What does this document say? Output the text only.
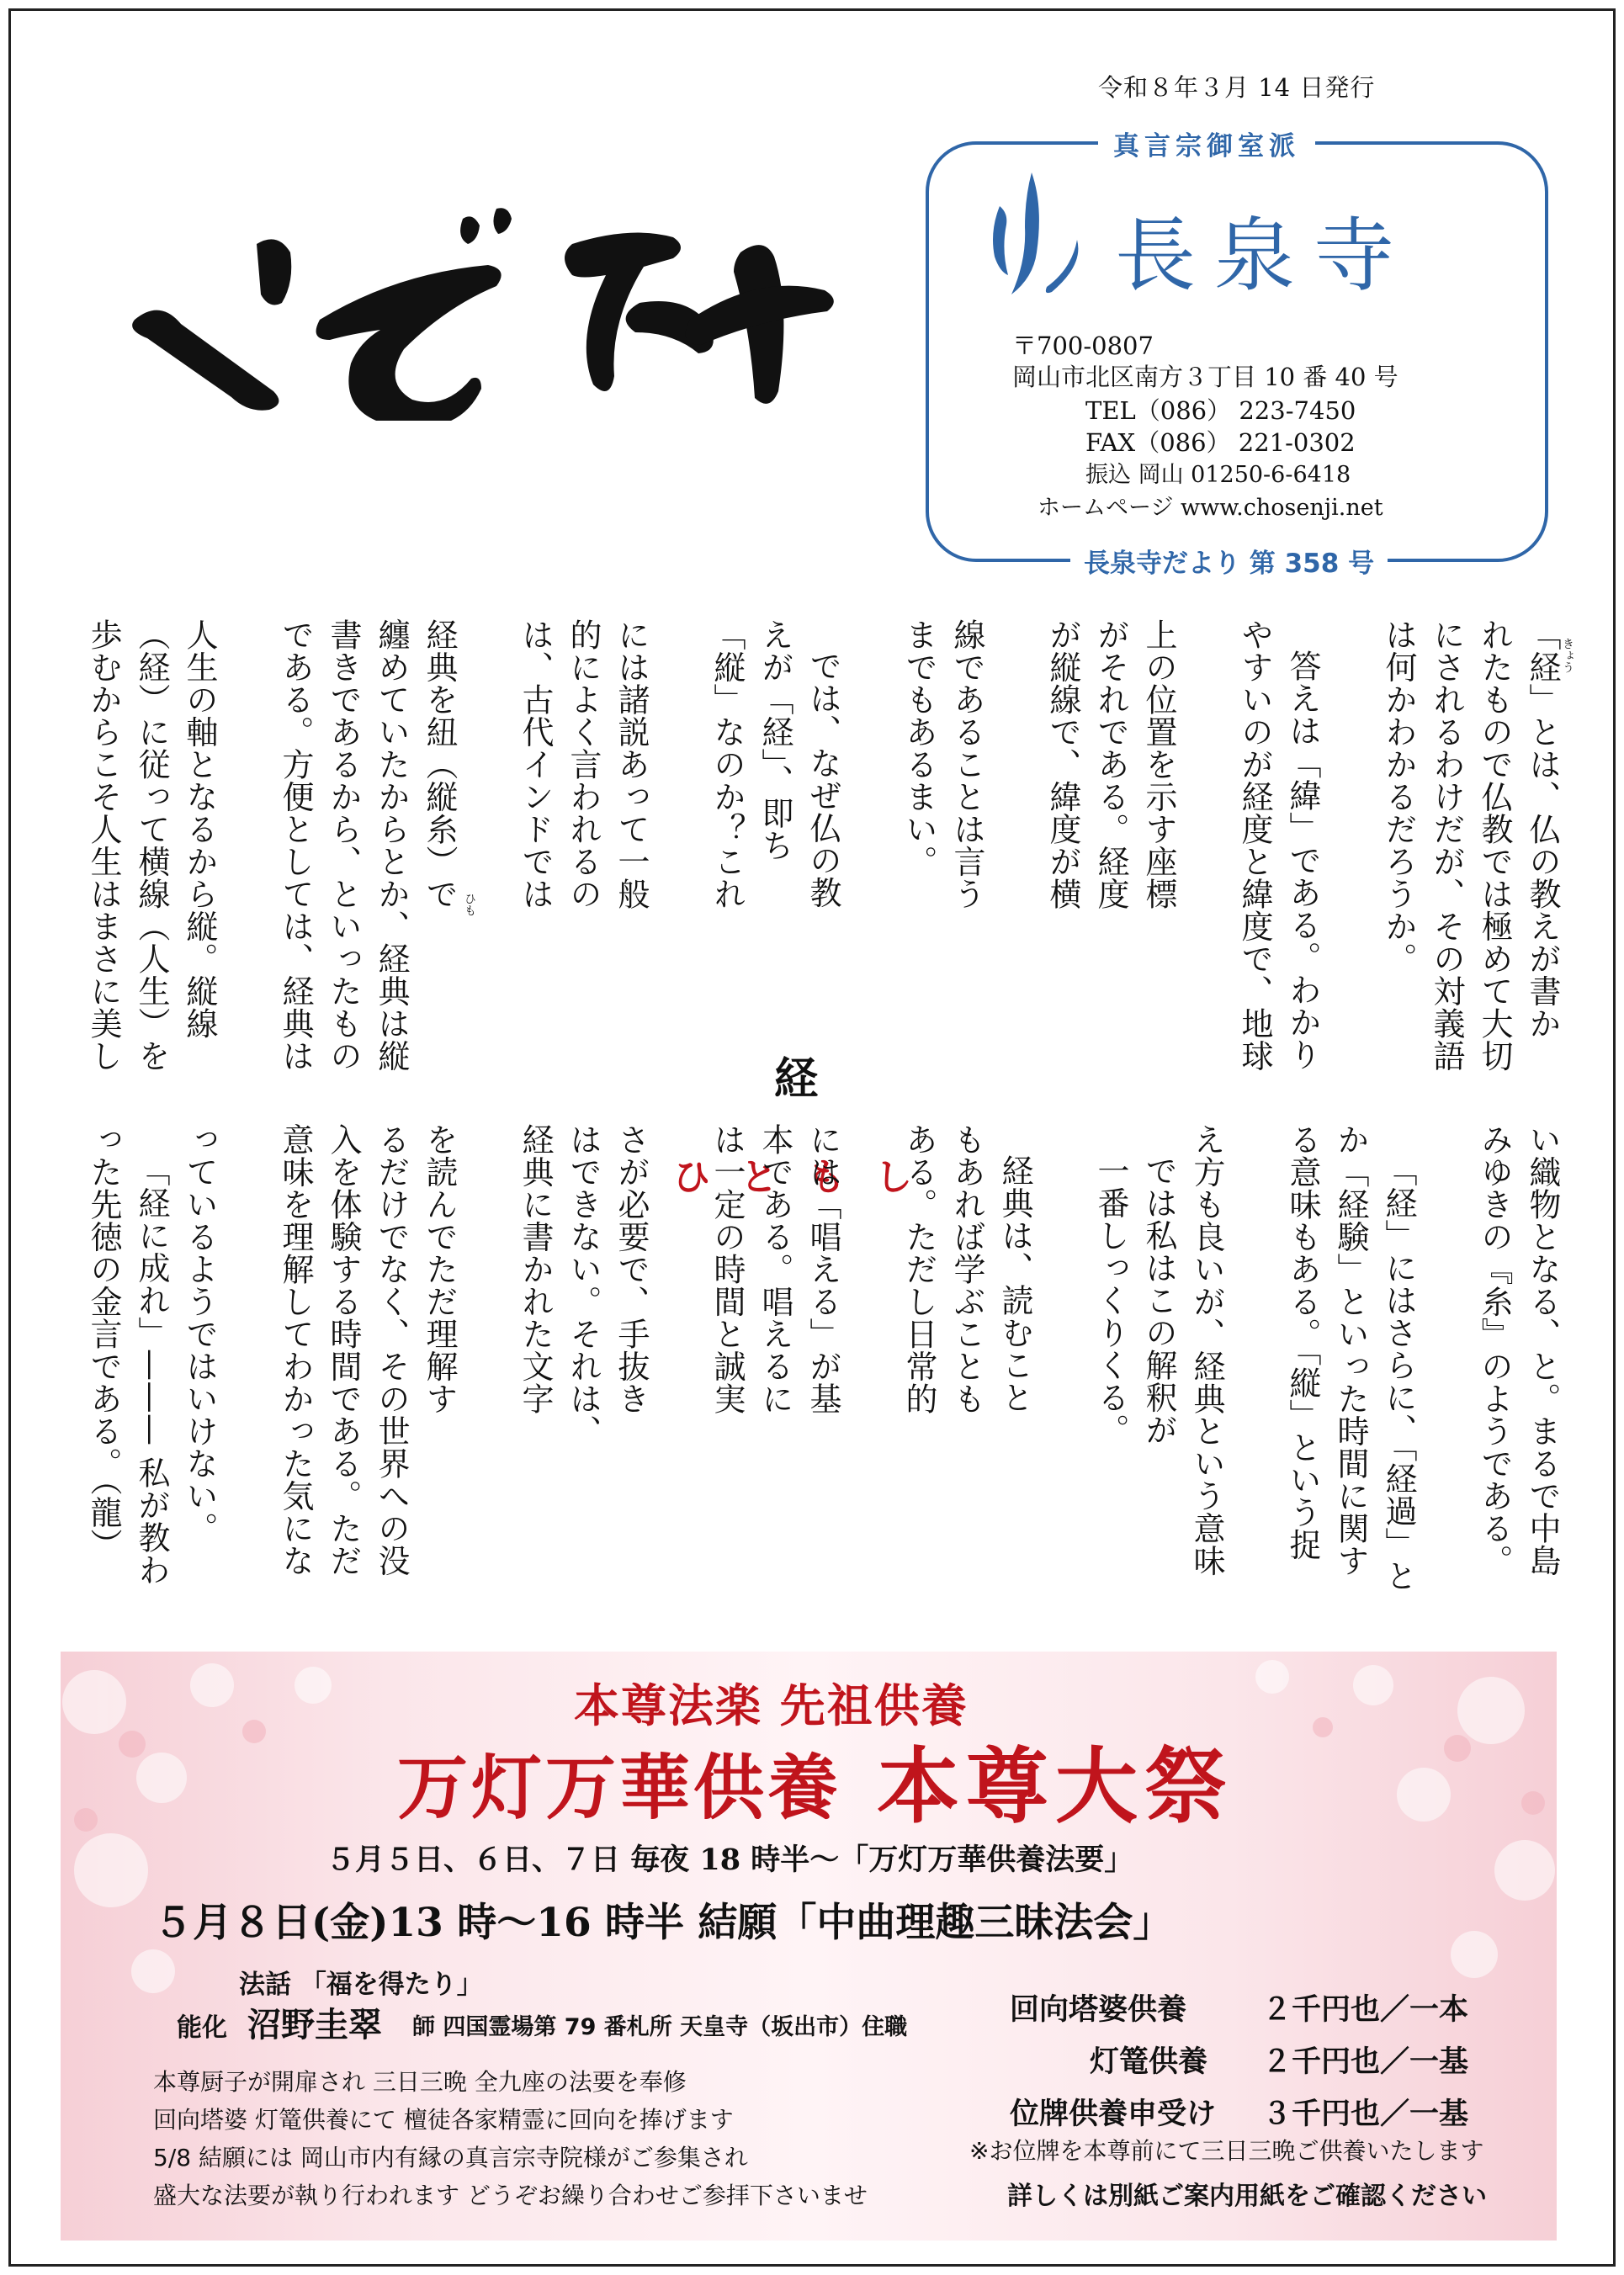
令和８年３月 14 日発行
真言宗御室派
長泉寺
〒700‑0807
岡山市北区南方３丁目 10 番 40 号
TEL（086） 223‑7450
FAX（086） 221‑0302
振込 岡山 01250‑6‑6418
ホームページ www.chosenji.net
長泉寺だより 第 358 号
「経」とは、仏の教えが書か
れたもので仏教では極めて大切
にされるわけだが、その対義語
は何かわかるだろうか。
答えは「緯」である。わかり
やすいのが経度と緯度で、地球
上の位置を示す座標
がそれである。経度
が縦線で、緯度が横
線であることは言う
までもあるまい。
では、なぜ仏の教
えが「経」、即ち
「縦」なのか？これ
には諸説あって一般
的によく言われるの
は、古代インドでは
経典を紐（縦糸）で
纏めていたからとか、経典は縦
書きであるから、といったもの
である。方便としては、経典は
人生の軸となるから縦。縦線
（経）に従って横線（人生）を
歩むからこそ人生はまさに美し	きょう
ひも
経
ひともし	い織物となる、と。まるで中島
みゆきの『糸』のようである。
「経」にはさらに、「経過」と
か「経験」といった時間に関す
る意味もある。「縦」という捉
え方も良いが、経典という意味
では私はこの解釈が
一番しっくりくる。
経典は、読むこと
もあれば学ぶことも
ある。ただし日常的
には「唱える」が基
本である。唱えるに
は一定の時間と誠実
さが必要で、手抜き
はできない。それは、
経典に書かれた文字
を読んでただ理解す
るだけでなく、その世界への没
入を体験する時間である。ただ
意味を理解してわかった気にな
っているようではいけない。
「経に成れ」——— 私が教わ
った先徳の金言である。（龍）
本尊法楽 先祖供養
万灯万華供養 本尊大祭
５月５日、６日、７日 毎夜 18 時半～「万灯万華供養法要」
５月８日(金)13 時～16 時半 結願「中曲理趣三昧法会」
法話 「福を得たり」
能化 沼野圭翠 師 四国霊場第 79 番札所 天皇寺（坂出市）住職
本尊厨子が開扉され 三日三晩 全九座の法要を奉修
回向塔婆 灯篭供養にて 檀徒各家精霊に回向を捧げます
5/8 結願には 岡山市内有縁の真言宗寺院様がご参集され
盛大な法要が執り行われます どうぞお繰り合わせご参拝下さいませ
回向塔婆供養	２千円也／一本
灯篭供養 ２千円也／一基
位牌供養申受け ３千円也／一基
※お位牌を本尊前にて三日三晩ご供養いたします
詳しくは別紙ご案内用紙をご確認ください
